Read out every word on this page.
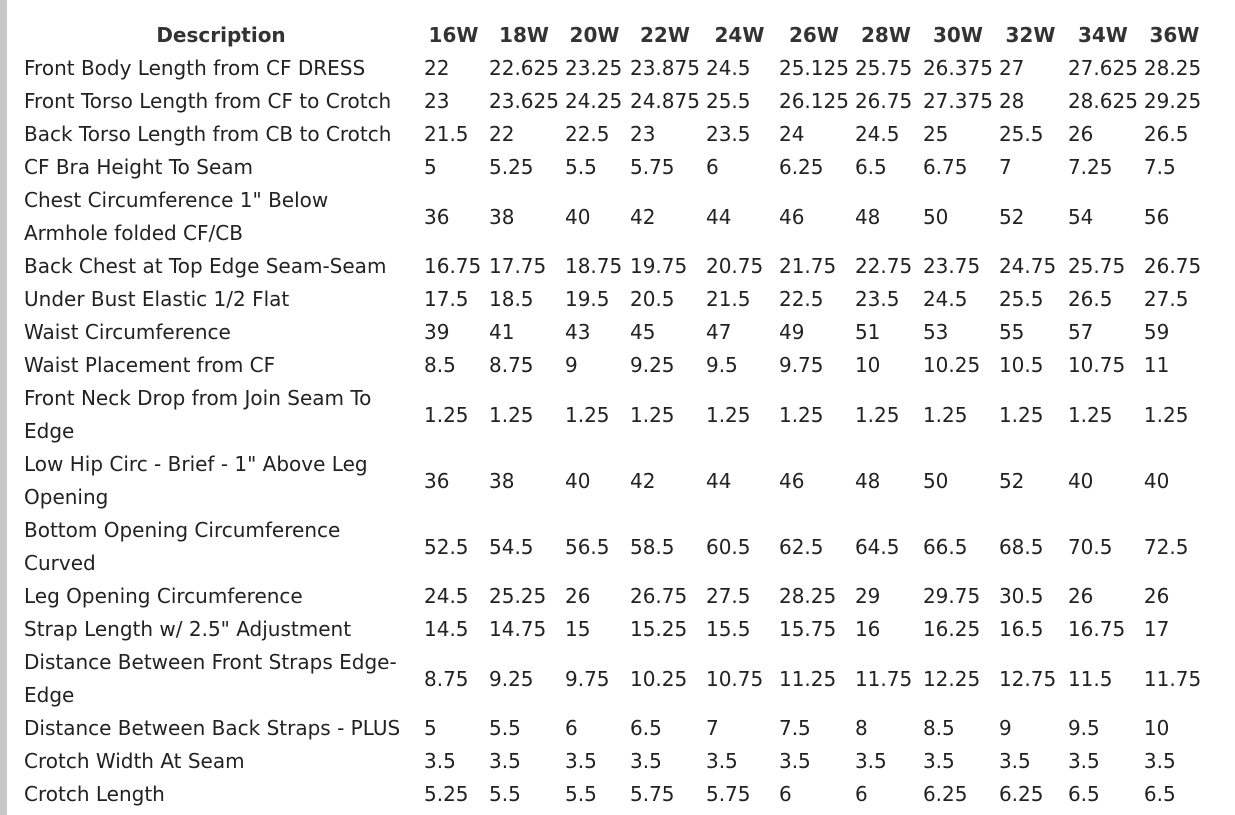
Description	16W	18W	20W	22W	24W	26W	28W	30W	32W	34W	36W
Front Body Length from CF DRESS	22	22.625	23.25	23.875	24.5	25.125	25.75	26.375	27	27.625	28.25
Front Torso Length from CF to Crotch	23	23.625	24.25	24.875	25.5	26.125	26.75	27.375	28	28.625	29.25
Back Torso Length from CB to Crotch	21.5	22	22.5	23	23.5	24	24.5	25	25.5	26	26.5
CF Bra Height To Seam	5	5.25	5.5	5.75	6	6.25	6.5	6.75	7	7.25	7.5
Chest Circumference 1" Below Armhole folded CF/CB	36	38	40	42	44	46	48	50	52	54	56
Back Chest at Top Edge Seam-Seam	16.75	17.75	18.75	19.75	20.75	21.75	22.75	23.75	24.75	25.75	26.75
Under Bust Elastic 1/2 Flat	17.5	18.5	19.5	20.5	21.5	22.5	23.5	24.5	25.5	26.5	27.5
Waist Circumference	39	41	43	45	47	49	51	53	55	57	59
Waist Placement from CF	8.5	8.75	9	9.25	9.5	9.75	10	10.25	10.5	10.75	11
Front Neck Drop from Join Seam To Edge	1.25	1.25	1.25	1.25	1.25	1.25	1.25	1.25	1.25	1.25	1.25
Low Hip Circ - Brief - 1" Above Leg Opening	36	38	40	42	44	46	48	50	52	40	40
Bottom Opening Circumference Curved	52.5	54.5	56.5	58.5	60.5	62.5	64.5	66.5	68.5	70.5	72.5
Leg Opening Circumference	24.5	25.25	26	26.75	27.5	28.25	29	29.75	30.5	26	26
Strap Length w/ 2.5" Adjustment	14.5	14.75	15	15.25	15.5	15.75	16	16.25	16.5	16.75	17
Distance Between Front Straps Edge-Edge	8.75	9.25	9.75	10.25	10.75	11.25	11.75	12.25	12.75	11.5	11.75
Distance Between Back Straps - PLUS	5	5.5	6	6.5	7	7.5	8	8.5	9	9.5	10
Crotch Width At Seam	3.5	3.5	3.5	3.5	3.5	3.5	3.5	3.5	3.5	3.5	3.5
Crotch Length	5.25	5.5	5.5	5.75	5.75	6	6	6.25	6.25	6.5	6.5
